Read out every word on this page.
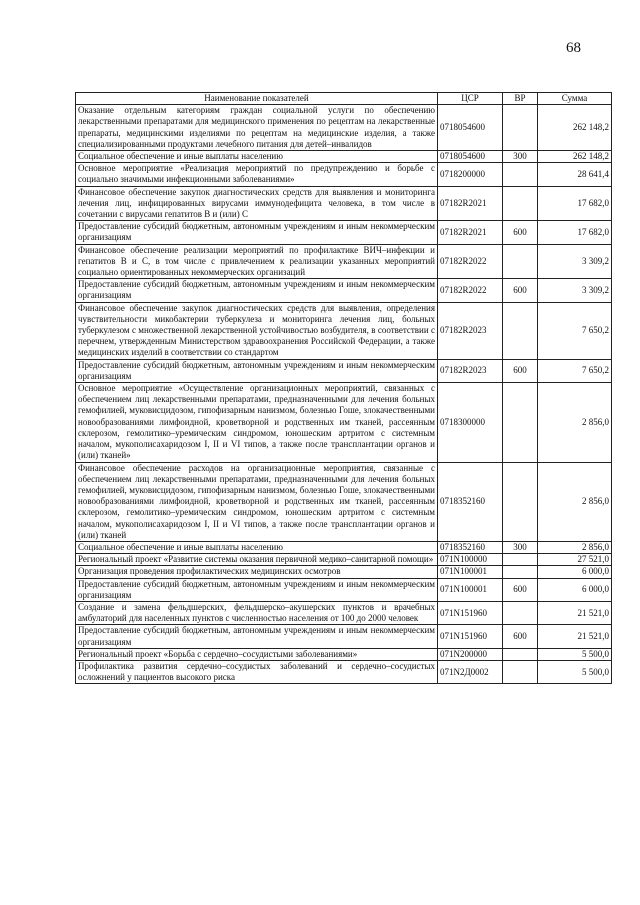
68
Наименование показателей	ЦСР	ВР	Сумма
Оказание отдельным категориям граждан социальной услуги по обеспечению лекарственными препаратами для медицинского применения по рецептам на лекарственные препараты, медицинскими изделиями по рецептам на медицинские изделия, а также специализированными продуктами лечебного питания для детей–инвалидов	0718054600		262 148,2
Социальное обеспечение и иные выплаты населению	0718054600	300	262 148,2
Основное мероприятие «Реализация мероприятий по предупреждению и борьбе с социально значимыми инфекционными заболеваниями»	0718200000		28 641,4
Финансовое обеспечение закупок диагностических средств для выявления и мониторинга лечения лиц, инфицированных вирусами иммунодефицита человека, в том числе в сочетании с вирусами гепатитов В и (или) С	07182R2021		17 682,0
Предоставление субсидий бюджетным, автономным учреждениям и иным некоммерческим организациям	07182R2021	600	17 682,0
Финансовое обеспечение реализации мероприятий по профилактике ВИЧ–инфекции и гепатитов В и С, в том числе с привлечением к реализации указанных мероприятий социально ориентированных некоммерческих организаций	07182R2022		3 309,2
Предоставление субсидий бюджетным, автономным учреждениям и иным некоммерческим организациям	07182R2022	600	3 309,2
Финансовое обеспечение закупок диагностических средств для выявления, определения чувствительности микобактерии туберкулеза и мониторинга лечения лиц, больных туберкулезом с множественной лекарственной устойчивостью возбудителя, в соответствии с перечнем, утвержденным Министерством здравоохранения Российской Федерации, а также медицинских изделий в соответствии со стандартом	07182R2023		7 650,2
Предоставление субсидий бюджетным, автономным учреждениям и иным некоммерческим организациям	07182R2023	600	7 650,2
Основное мероприятие «Осуществление организационных мероприятий, связанных с обеспечением лиц лекарственными препаратами, предназначенными для лечения больных гемофилией, муковисцидозом, гипофизарным нанизмом, болезнью Гоше, злокачественными новообразованиями лимфоидной, кроветворной и родственных им тканей, рассеянным склерозом, гемолитико–уремическим синдромом, юношеским артритом с системным началом, мукополисахаридозом I, II и VI типов, а также после трансплантации органов и (или) тканей»	0718300000		2 856,0
Финансовое обеспечение расходов на организационные мероприятия, связанные с обеспечением лиц лекарственными препаратами, предназначенными для лечения больных гемофилией, муковисцидозом, гипофизарным нанизмом, болезнью Гоше, злокачественными новообразованиями лимфоидной, кроветворной и родственных им тканей, рассеянным склерозом, гемолитико–уремическим синдромом, юношеским артритом с системным началом, мукополисахаридозом I, II и VI типов, а также после трансплантации органов и (или) тканей	0718352160		2 856,0
Социальное обеспечение и иные выплаты населению	0718352160	300	2 856,0
Региональный проект «Развитие системы оказания первичной медико–санитарной помощи»	071N100000		27 521,0
Организация проведения профилактических медицинских осмотров	071N100001		6 000,0
Предоставление субсидий бюджетным, автономным учреждениям и иным некоммерческим организациям	071N100001	600	6 000,0
Создание и замена фельдшерских, фельдшерско–акушерских пунктов и врачебных амбулаторий для населенных пунктов с численностью населения от 100 до 2000 человек	071N151960		21 521,0
Предоставление субсидий бюджетным, автономным учреждениям и иным некоммерческим организациям	071N151960	600	21 521,0
Региональный проект «Борьба с сердечно–сосудистыми заболеваниями»	071N200000		5 500,0
Профилактика развития сердечно–сосудистых заболеваний и сердечно–сосудистых осложнений у пациентов высокого риска	071N2Д0002		5 500,0
